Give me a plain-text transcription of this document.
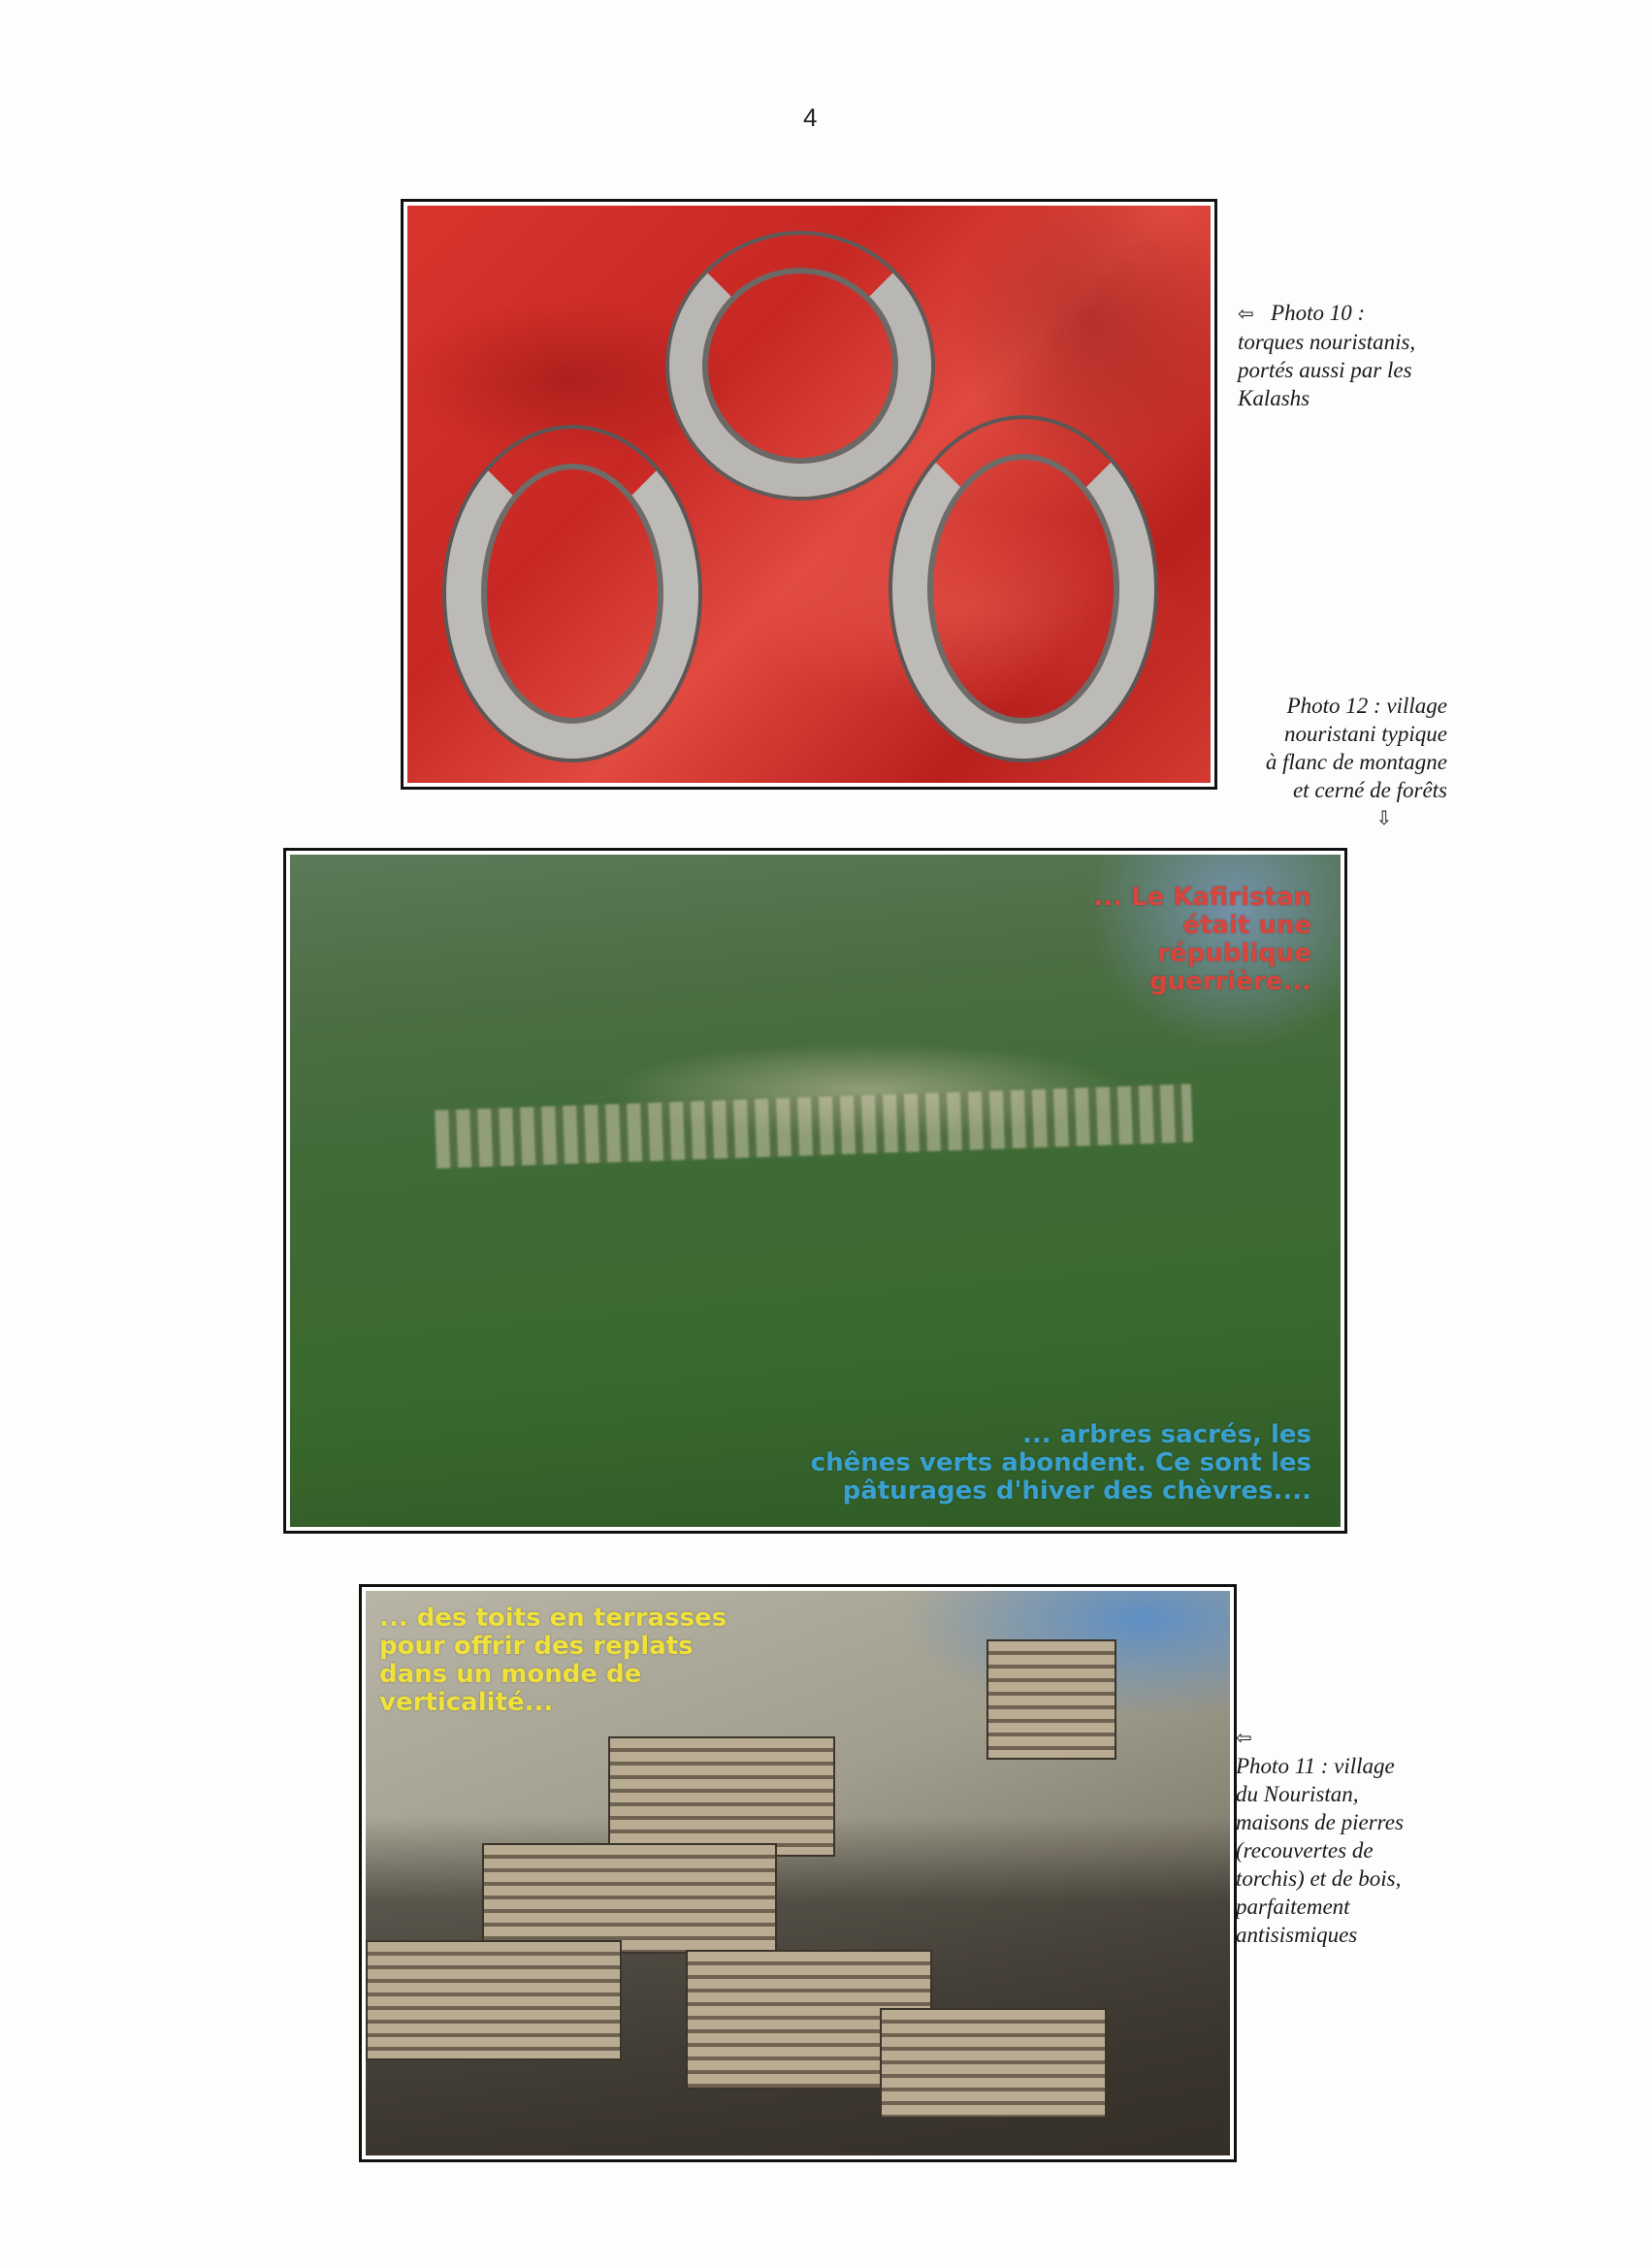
4
⇦ Photo 10 :
torques nouristanis,
portés aussi par les
Kalashs
Photo 12 : village
nouristani typique
à flanc de montagne
et cerné de forêts
⇩
... Le Kafiristan
était une
république
guerrière...
... arbres sacrés, les
chênes verts abondent. Ce sont les
pâturages d'hiver des chèvres....
... des toits en terrasses
pour offrir des replats
dans un monde de
verticalité...
⇦
Photo 11 : village
du Nouristan,
maisons de pierres
(recouvertes de
torchis) et de bois,
parfaitement
antisismiques
